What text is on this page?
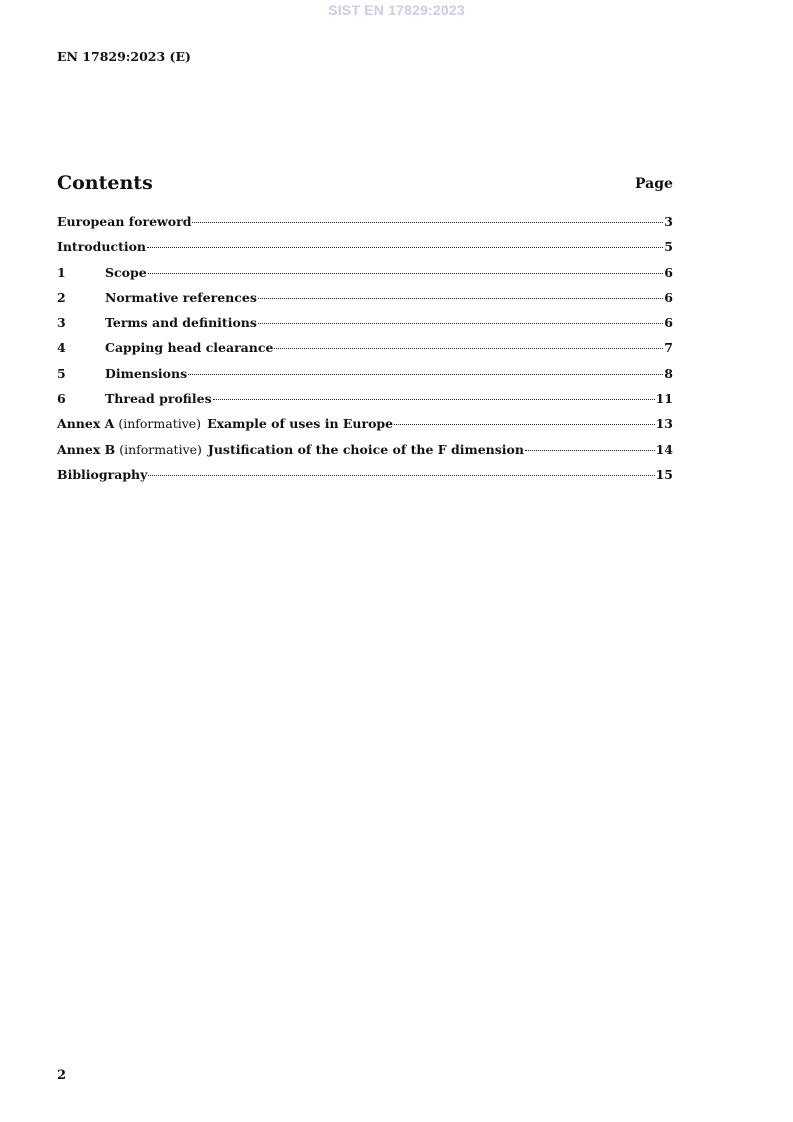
SIST EN 17829:2023
EN 17829:2023 (E)
Contents	Page
European foreword	3
Introduction	5
1	Scope	6
2	Normative references	6
3	Terms and definitions	6
4	Capping head clearance	7
5	Dimensions	8
6	Thread profiles	11
Annex A (informative) Example of uses in Europe	13
Annex B (informative) Justification of the choice of the F dimension	14
Bibliography	15
2
